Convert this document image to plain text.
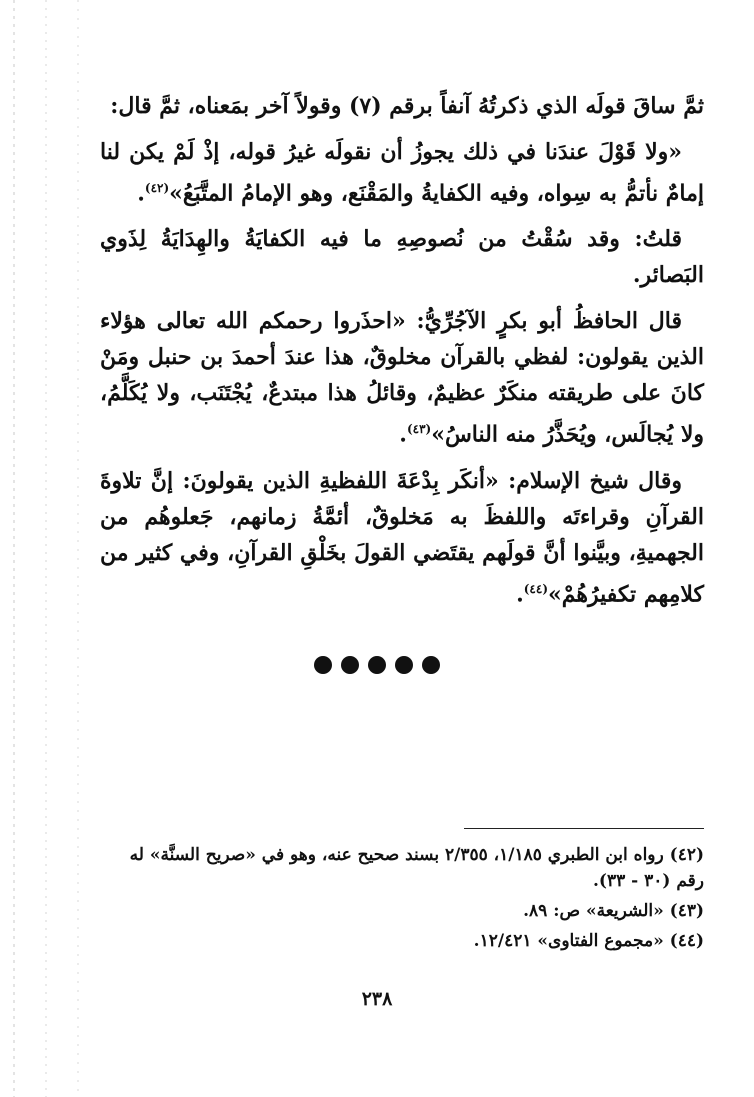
ثمَّ ساقَ قولَه الذي ذكرتُهُ آنفاً برقم (٧) وقولاً آخر بمَعناه، ثمَّ قال:

«ولا قَوْلَ عندَنا في ذلك يجوزُ أن نقولَه غيرُ قوله، إذْ لَمْ يكن لنا إمامٌ نأتمُّ به سِواه، وفيه الكفايةُ والمَقْنَع، وهو الإمامُ المتَّبَعُ»$^{(٤٢)}$.

قلتُ: وقد سُقْتُ من نُصوصِهِ ما فيه الكفايَةُ والهِدَايَةُ لِذَوي البَصائر.

قال الحافظُ أبو بكرٍ الآجُرِّيُّ: «احذَروا رحمكم الله تعالى هؤلاء الذين يقولون: لفظي بالقرآن مخلوقٌ، هذا عندَ أحمدَ بن حنبل ومَنْ كانَ على طريقته منكَرٌ عظيمٌ، وقائلُ هذا مبتدعٌ، يُجْتَنَب، ولا يُكَلَّمُ، ولا يُجالَس، ويُحَذَّرُ منه الناسُ»$^{(٤٣)}$.

وقال شيخ الإسلام: «أنكَر بِدْعَةَ اللفظيةِ الذين يقولونَ: إنَّ تلاوةَ القرآنِ وقراءتَه واللفظَ به مَخلوقٌ، أئمَّةُ زمانهم، جَعلوهُم من الجهميةِ، وبيَّنوا أنَّ قولَهم يقتَضي القولَ بخَلْقِ القرآنِ، وفي كثير من كلامِهم تكفيرُهُمْ»$^{(٤٤)}$.

(٤٢) رواه ابن الطبري ١/١٨٥، ٢/٣٥٥ بسند صحيح عنه، وهو في «صريح السنَّة» له رقم (٣٠ - ٣٣).

(٤٣) «الشريعة» ص: ٨٩.

(٤٤) «مجموع الفتاوى» ١٢/٤٢١.

٢٣٨
